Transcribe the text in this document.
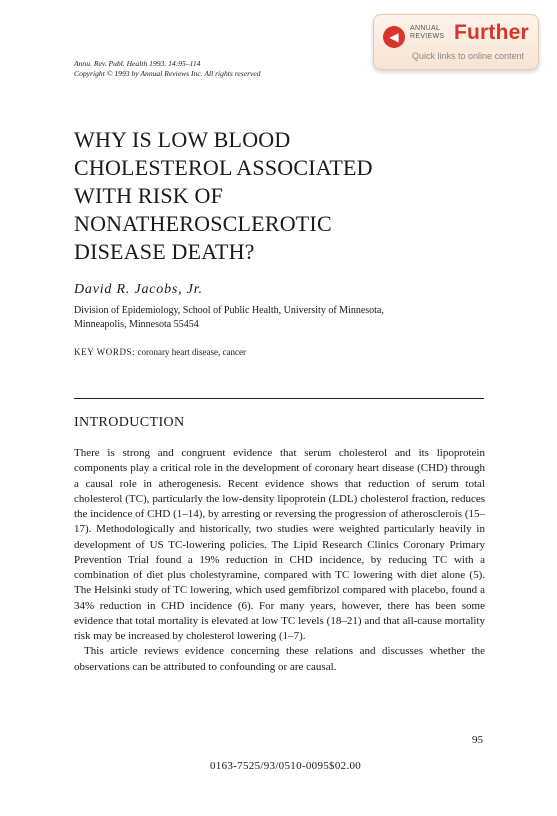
◀
ANNUAL
REVIEWS Further
Quick links to online content
Annu. Rev. Publ. Health 1993. 14:95–114
Copyright © 1993 by Annual Reviews Inc. All rights reserved
WHY IS LOW BLOOD
CHOLESTEROL ASSOCIATED
WITH RISK OF
NONATHEROSCLEROTIC
DISEASE DEATH?
David R. Jacobs, Jr.
Division of Epidemiology, School of Public Health, University of Minnesota,
Minneapolis, Minnesota 55454
KEY WORDS: coronary heart disease, cancer
INTRODUCTION

There is strong and congruent evidence that serum cholesterol and its lipoprotein components play a critical role in the development of coronary heart disease (CHD) through a causal role in atherogenesis. Recent evidence shows that reduction of serum total cholesterol (TC), particularly the low-density lipoprotein (LDL) cholesterol fraction, reduces the incidence of CHD (1–14), by arresting or reversing the progression of atherosclerois (15–17). Methodologically and historically, two studies were weighted particularly heavily in development of US TC-lowering policies. The Lipid Research Clinics Coronary Primary Prevention Trial found a 19% reduction in CHD incidence, by reducing TC with a combination of diet plus cholestyramine, compared with TC lowering with diet alone (5). The Helsinki study of TC lowering, which used gemfibrizol compared with placebo, found a 34% reduction in CHD incidence (6). For many years, however, there has been some evidence that total mortality is elevated at low TC levels (18–21) and that all-cause mortality risk may be increased by cholesterol lowering (1–7).

This article reviews evidence concerning these relations and discusses whether the observations can be attributed to confounding or are causal.

95
0163-7525/93/0510-0095$02.00
